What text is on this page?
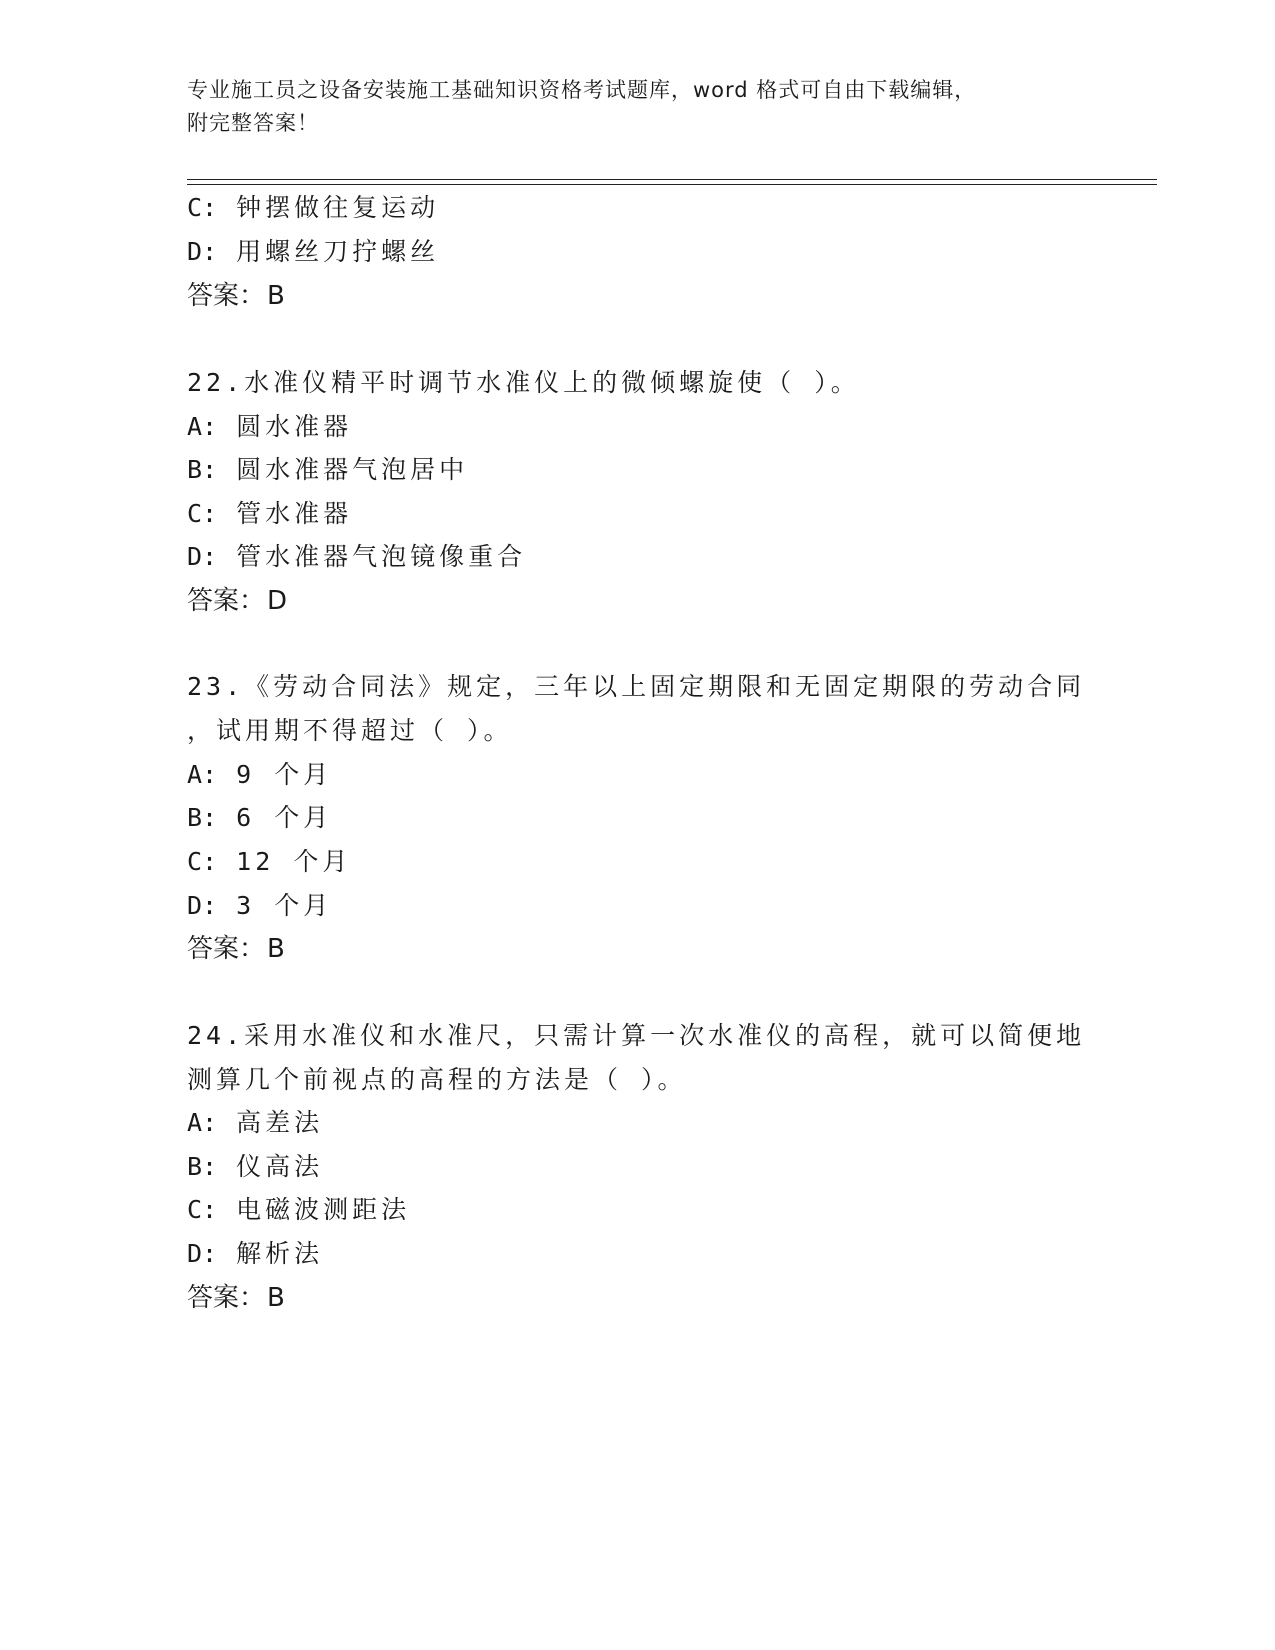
专业施工员之设备安装施工基础知识资格考试题库，word 格式可自由下载编辑，
附完整答案！
C: 钟摆做往复运动
D: 用螺丝刀拧螺丝
答案：B
22.水准仪精平时调节水准仪上的微倾螺旋使（ ）。
A: 圆水准器
B: 圆水准器气泡居中
C: 管水准器
D: 管水准器气泡镜像重合
答案：D
23.《劳动合同法》规定，三年以上固定期限和无固定期限的劳动合同
，试用期不得超过（ ）。
A: 9 个月
B: 6 个月
C: 12 个月
D: 3 个月
答案：B
24.采用水准仪和水准尺，只需计算一次水准仪的高程，就可以简便地
测算几个前视点的高程的方法是（ ）。
A: 高差法
B: 仪高法
C: 电磁波测距法
D: 解析法
答案：B
